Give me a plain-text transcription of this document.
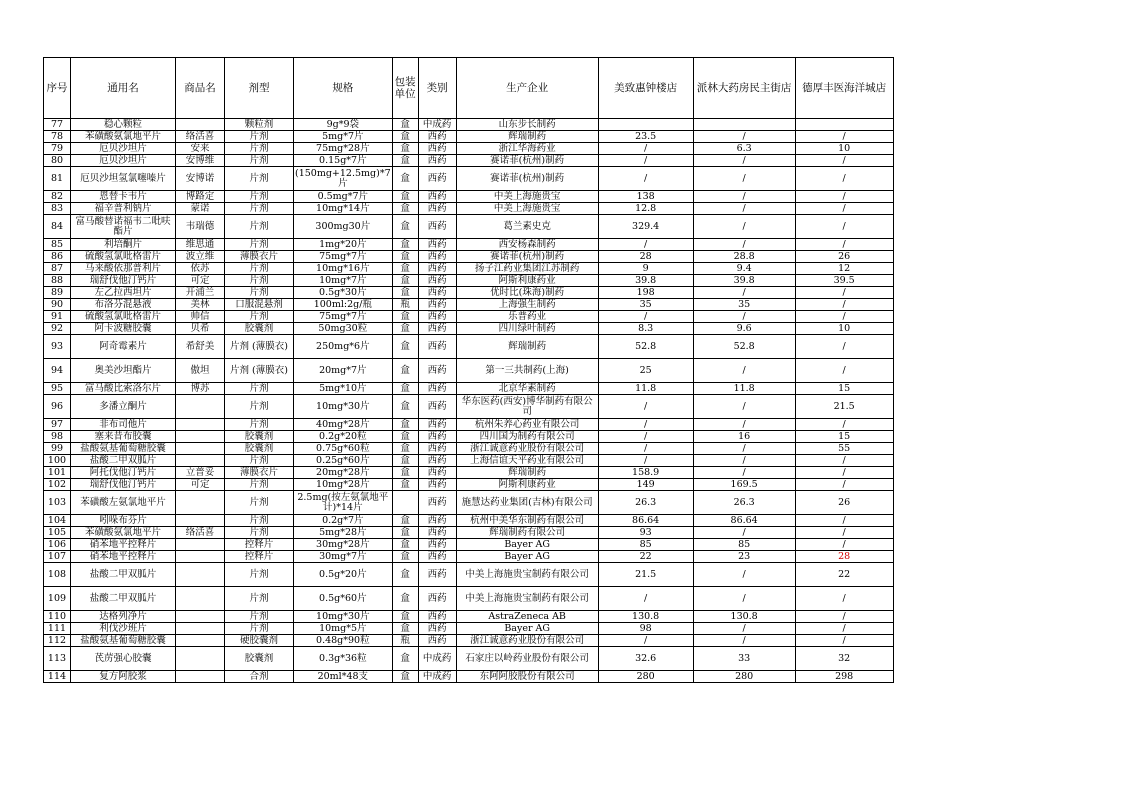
序号	通用名	商品名	剂型	规格	包装单位	类别	生产企业	美致惠钟楼店	派林大药房民主街店	德厚丰医海洋城店
77	稳心颗粒		颗粒剂	9g*9袋	盒	中成药	山东步长制药			
78	苯磺酸氨氯地平片	络活喜	片剂	5mg*7片	盒	西药	辉瑞制药	23.5	/	/
79	厄贝沙坦片	安来	片剂	75mg*28片	盒	西药	浙江华海药业	/	6.3	10
80	厄贝沙坦片	安博维	片剂	0.15g*7片	盒	西药	赛诺菲(杭州)制药	/	/	/
81	厄贝沙坦氢氯噻嗪片	安博诺	片剂	(150mg+12.5mg)*7片	盒	西药	赛诺菲(杭州)制药	/	/	/
82	恩替卡韦片	博路定	片剂	0.5mg*7片	盒	西药	中美上海施贵宝	138	/	/
83	福辛普利钠片	蒙诺	片剂	10mg*14片	盒	西药	中美上海施贵宝	12.8	/	/
84	富马酸替诺福韦二吡呋酯片	韦瑞德	片剂	300mg30片	盒	西药	葛兰素史克	329.4	/	/
85	利培酮片	维思通	片剂	1mg*20片	盒	西药	西安杨森制药	/	/	/
86	硫酸氢氯吡格雷片	波立维	薄膜衣片	75mg*7片	盒	西药	赛诺菲(杭州)制药	28	28.8	26
87	马来酸依那普利片	依苏	片剂	10mg*16片	盒	西药	扬子江药业集团江苏制药	9	9.4	12
88	瑞舒伐他汀钙片	可定	片剂	10mg*7片	盒	西药	阿斯利康药业	39.8	39.8	39.5
89	左乙拉西坦片	开浦兰	片剂	0.5g*30片	盒	西药	优时比(珠海)制药	198	/	/
90	布洛芬混悬液	美林	口服混悬剂	100ml:2g/瓶	瓶	西药	上海强生制药	35	35	/
91	硫酸氢氯吡格雷片	帅信	片剂	75mg*7片	盒	西药	乐普药业	/	/	/
92	阿卡波糖胶囊	贝希	胶囊剂	50mg30粒	盒	西药	四川绿叶制药	8.3	9.6	10
93	阿奇霉素片	希舒美	片剂 (薄膜衣)	250mg*6片	盒	西药	辉瑞制药	52.8	52.8	/
94	奥美沙坦酯片	傲坦	片剂 (薄膜衣)	20mg*7片	盒	西药	第一三共制药(上海)	25	/	/
95	富马酸比索洛尔片	博苏	片剂	5mg*10片	盒	西药	北京华素制药	11.8	11.8	15
96	多潘立酮片		片剂	10mg*30片	盒	西药	华东医药(西安)博华制药有限公司	/	/	21.5
97	非布司他片		片剂	40mg*28片	盒	西药	杭州朱养心药业有限公司	/	/	/
98	塞来昔布胶囊		胶囊剂	0.2g*20粒	盒	西药	四川国为制药有限公司	/	16	15
99	盐酸氨基葡萄糖胶囊		胶囊剂	0.75g*60粒	盒	西药	浙江诚意药业股份有限公司	/	/	55
100	盐酸二甲双胍片		片剂	0.25g*60片	盒	西药	上海信谊天平药业有限公司	/	/	/
101	阿托伐他汀钙片	立普妥	薄膜衣片	20mg*28片	盒	西药	辉瑞制药	158.9	/	/
102	瑞舒伐他汀钙片	可定	片剂	10mg*28片	盒	西药	阿斯利康药业	149	169.5	/
103	苯磺酸左氨氯地平片		片剂	2.5mg(按左氨氯地平计)*14片		西药	施慧达药业集团(吉林)有限公司	26.3	26.3	26
104	吲哚布芬片		片剂	0.2g*7片	盒	西药	杭州中美华东制药有限公司	86.64	86.64	/
105	苯磺酸氨氯地平片	络活喜	片剂	5mg*28片	盒	西药	辉瑞制药有限公司	93	/	/
106	硝苯地平控释片		控释片	30mg*28片	盒	西药	Bayer AG	85	85	/
107	硝苯地平控释片		控释片	30mg*7片	盒	西药	Bayer AG	22	23	28
108	盐酸二甲双胍片		片剂	0.5g*20片	盒	西药	中美上海施贵宝制药有限公司	21.5	/	22
109	盐酸二甲双胍片		片剂	0.5g*60片	盒	西药	中美上海施贵宝制药有限公司	/	/	/
110	达格列净片		片剂	10mg*30片	盒	西药	AstraZeneca AB	130.8	130.8	/
111	利伐沙班片		片剂	10mg*5片	盒	西药	Bayer AG	98	/	/
112	盐酸氨基葡萄糖胶囊		硬胶囊剂	0.48g*90粒	瓶	西药	浙江诚意药业股份有限公司	/	/	/
113	芪苈强心胶囊		胶囊剂	0.3g*36粒	盒	中成药	石家庄以岭药业股份有限公司	32.6	33	32
114	复方阿胶浆		合剂	20ml*48支	盒	中成药	东阿阿胶股份有限公司	280	280	298
